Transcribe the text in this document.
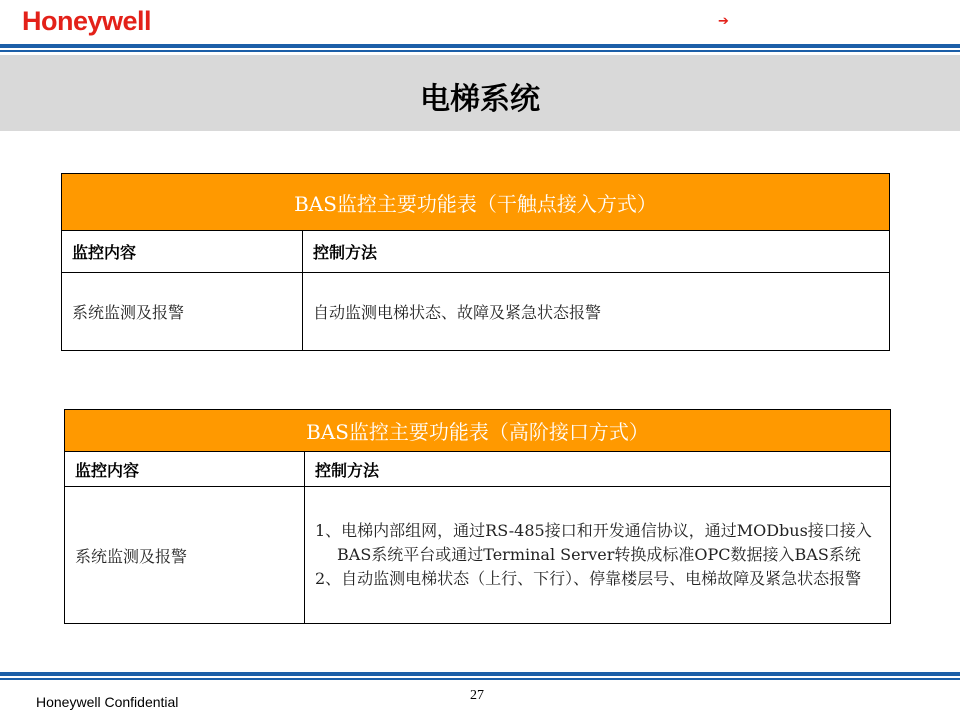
Honeywell	➔
电梯系统
BAS监控主要功能表（干触点接入方式）	
监控内容	控制方法
系统监测及报警	自动监测电梯状态、故障及紧急状态报警
BAS监控主要功能表（高阶接口方式）	
监控内容	控制方法
系统监测及报警	1、电梯内部组网，通过RS-485接口和开发通信协议，通过MODbus接口接入BAS系统平台或通过Terminal Server转换成标准OPC数据接入BAS系统
2、自动监测电梯状态（上行、下行）、停靠楼层号、电梯故障及紧急状态报警
Honeywell Confidential	27
